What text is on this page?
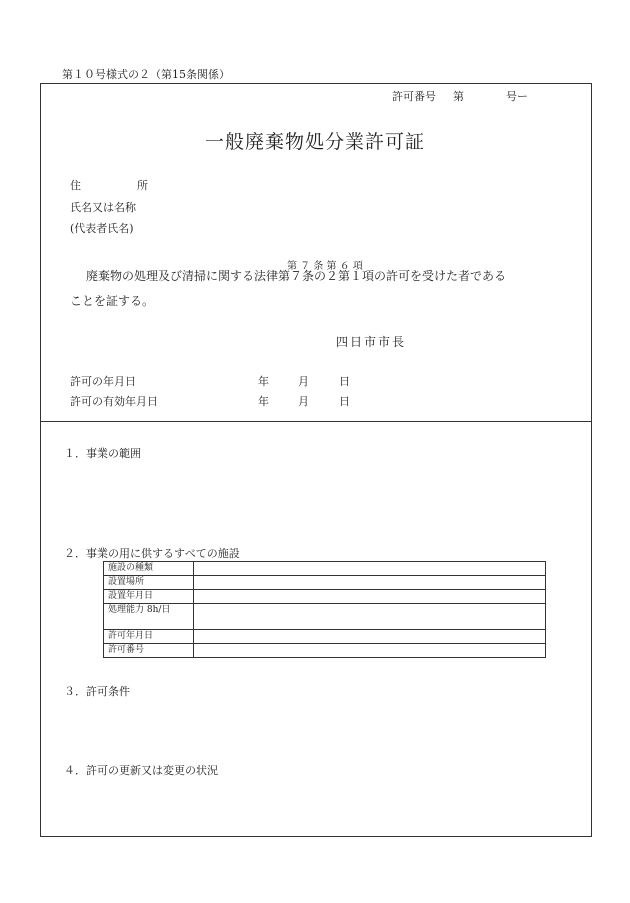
第１０号様式の２（第15条関係）
許可番号 第	号ー
一般廃棄物処分業許可証
住	所
氏名又は名称
(代表者氏名)
第 ７ 条 第 ６ 項
廃棄物の処理及び清掃に関する法律第７条の２第１項の許可を受けた者である
ことを証する。
四日市市長
許可の年月日	年	月	日
許可の有効年月日	年	月	日
１．事業の範囲
２．事業の用に供するすべての施設
施設の種類	
設置場所	
設置年月日	
処理能力 8h/日	
許可年月日	
許可番号	
３．許可条件
４．許可の更新又は変更の状況
